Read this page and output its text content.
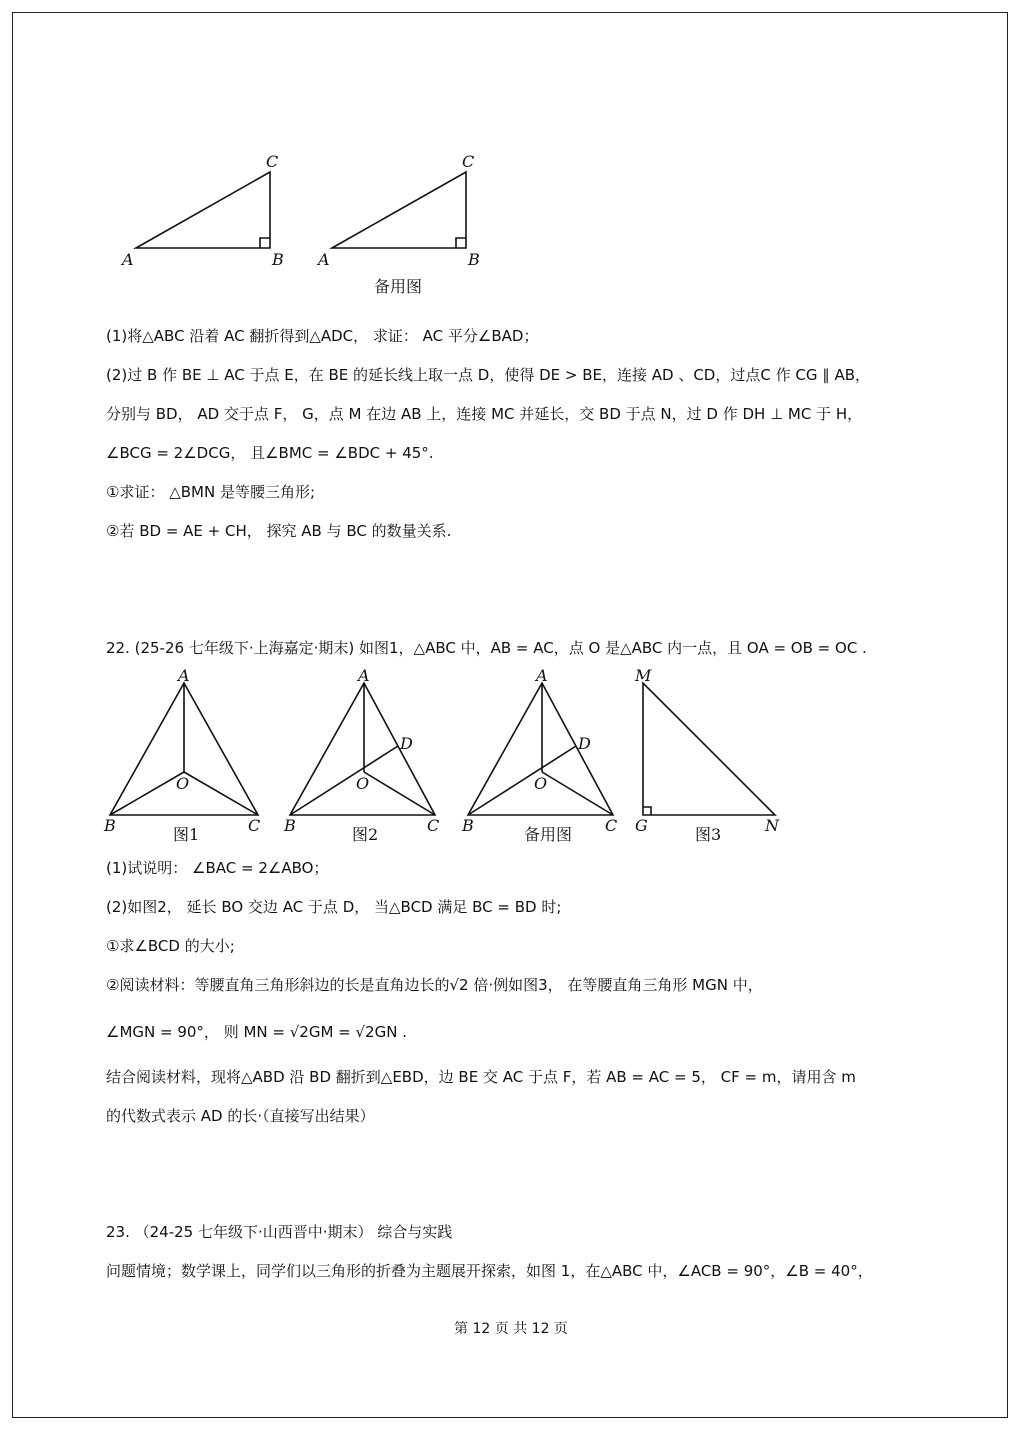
C
A	B
C
A	B
备用图
(1)将△ABC 沿着 AC 翻折得到△ADC， 求证： AC 平分∠BAD；
(2)过 B 作 BE ⊥ AC 于点 E，在 BE 的延长线上取一点 D，使得 DE > BE，连接 AD 、CD，过点C 作 CG ∥ AB，
分别与 BD， AD 交于点 F， G，点 M 在边 AB 上，连接 MC 并延长，交 BD 于点 N，过 D 作 DH ⊥ MC 于 H，
∠BCG = 2∠DCG， 且∠BMC = ∠BDC + 45°.
①求证： △BMN 是等腰三角形;
②若 BD = AE + CH， 探究 AB 与 BC 的数量关系.
22. (25-26 七年级下·上海嘉定·期末) 如图1，△ABC 中，AB = AC，点 O 是△ABC 内一点，且 OA = OB = OC .
A
O
B	C
图1
A
D
O
B	C
图2
A
D
O
B	C
备用图
M
G	N
图3
(1)试说明： ∠BAC = 2∠ABO；
(2)如图2， 延长 BO 交边 AC 于点 D， 当△BCD 满足 BC = BD 时;
①求∠BCD 的大小;
②阅读材料：等腰直角三角形斜边的长是直角边长的√2 倍·例如图3， 在等腰直角三角形 MGN 中，
∠MGN = 90°， 则 MN = √2GM = √2GN .
结合阅读材料，现将△ABD 沿 BD 翻折到△EBD，边 BE 交 AC 于点 F，若 AB = AC = 5， CF = m，请用含 m
的代数式表示 AD 的长·（直接写出结果）
23. （24-25 七年级下·山西晋中·期末） 综合与实践
问题情境；数学课上，同学们以三角形的折叠为主题展开探索，如图 1，在△ABC 中，∠ACB = 90°，∠B = 40°，
第 12 页 共 12 页
